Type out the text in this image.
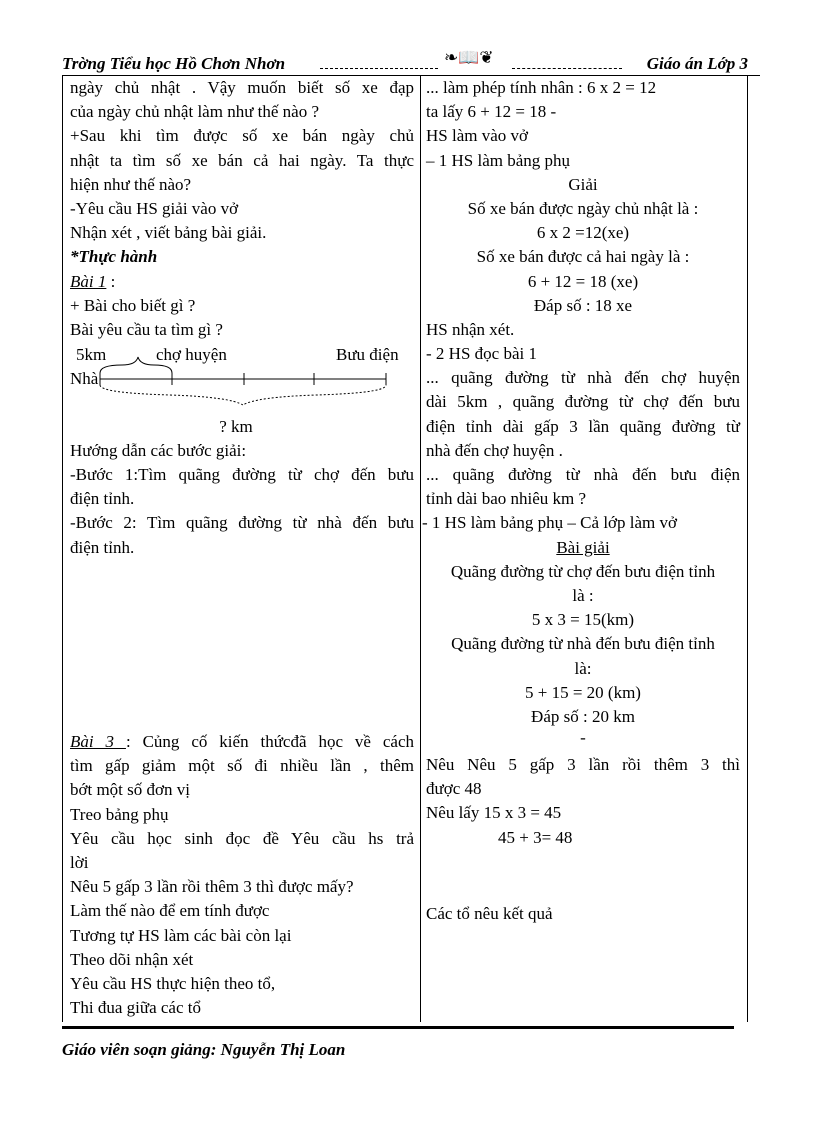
Trờng Tiểu học Hồ Chơn Nhơn	❧📖❦	Giáo án Lớp 3
ngày chủ nhật . Vậy muốn biết số xe đạp
của ngày chủ nhật làm như thế nào ?
+Sau khi tìm được số xe bán ngày chủ
nhật ta tìm số xe bán cả hai ngày. Ta thực
hiện như thế nào?
-Yêu cầu HS giải vào vở
Nhận xét , viết bảng bài giải.
*Thực hành
Bài 1 :
+ Bài cho biết gì ?
Bài yêu cầu ta tìm gì ?
? km
Hướng dẫn các bước giải:
-Bước 1:Tìm quãng đường từ chợ đến bưu
điện tỉnh.
-Bước 2: Tìm quãng đường từ nhà đến bưu
điện tỉnh.
5km	chợ huyện	Bưu điện
Nhà
Bài 3 : Củng cố kiến thứcđã học về cách
tìm gấp giảm một số đi nhiều lần , thêm
bớt một số đơn vị
Treo bảng phụ
Yêu cầu học sinh đọc đề Yêu cầu hs trả
lời
Nêu 5 gấp 3 lần rồi thêm 3 thì được mấy?
Làm thế nào để em tính được
Tương tự HS làm các bài còn lại
Theo dõi nhận xét
Yêu cầu HS thực hiện theo tổ,
Thi đua giữa các tổ
... làm phép tính nhân : 6 x 2 = 12
ta lấy 6 + 12 = 18 -
HS làm vào vở
– 1 HS làm bảng phụ
Giải
Số xe bán được ngày chủ nhật là :
6 x 2 =12(xe)
Số xe bán được cả hai ngày là :
6 + 12 = 18 (xe)
Đáp số : 18 xe
HS nhận xét.
- 2 HS đọc bài 1
... quãng đường từ nhà đến chợ huyện
dài 5km , quãng đường từ chợ đến bưu
điện tỉnh dài gấp 3 lần quãng đường từ
nhà đến chợ huyện .
... quãng đường từ nhà đến bưu điện
tỉnh dài bao nhiêu km ?
- 1 HS làm bảng phụ – Cả lớp làm vở
Bài giải
Quãng đường từ chợ đến bưu điện tỉnh
là :
5 x 3 = 15(km)
Quãng đường từ nhà đến bưu điện tỉnh
là:
5 + 15 = 20 (km)
Đáp số : 20 km
-
Nêu Nêu 5 gấp 3 lần rồi thêm 3 thì
được 48
Nêu lấy 15 x 3 = 45
45 + 3= 48
Các tổ nêu kết quả
Giáo viên soạn giảng: Nguyễn Thị Loan
